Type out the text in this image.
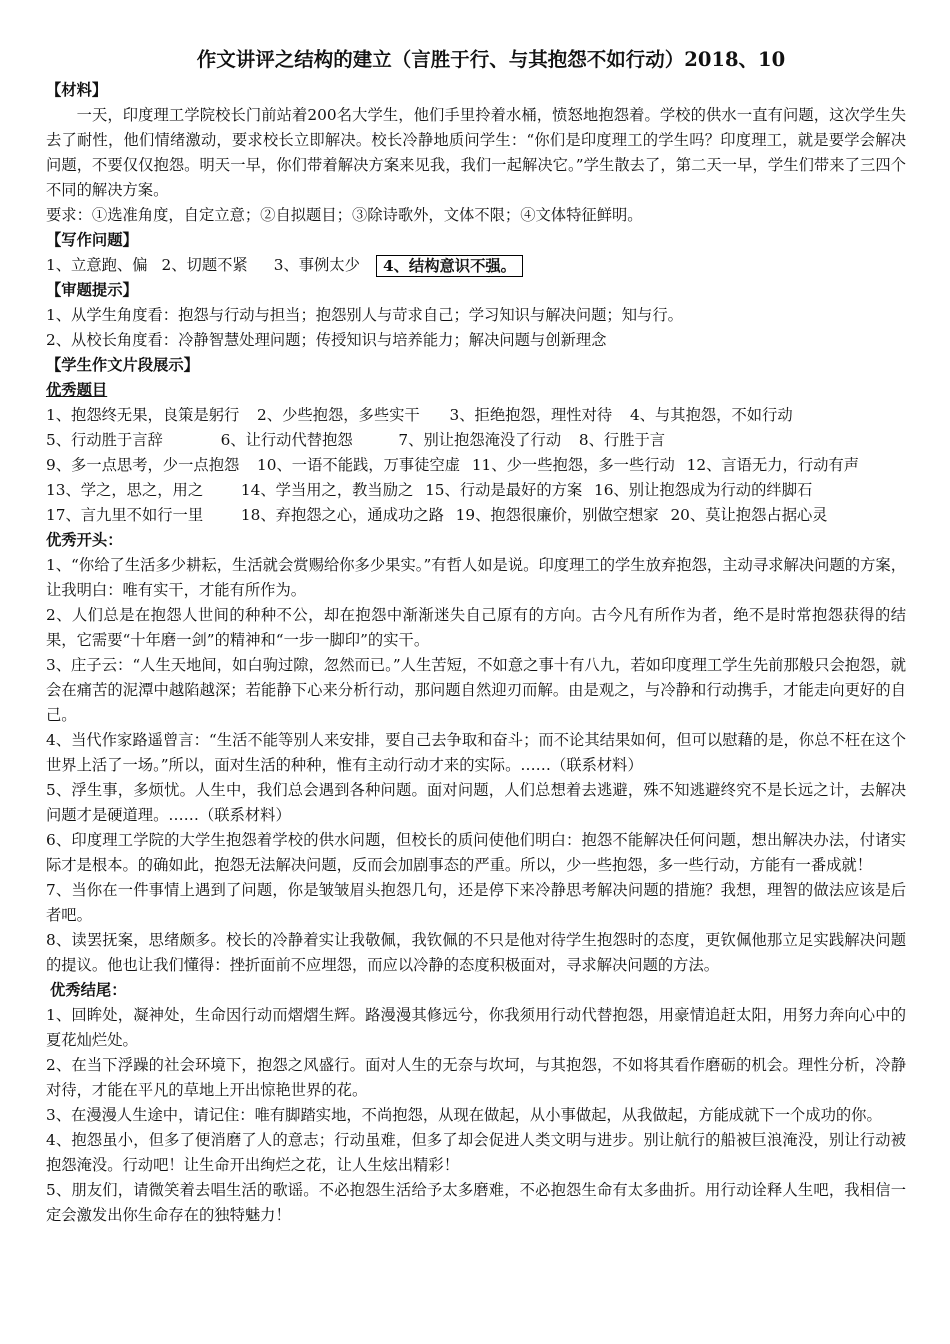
作文讲评之结构的建立（言胜于行、与其抱怨不如行动）2018、10
【材料】
一天，印度理工学院校长门前站着200名大学生，他们手里拎着水桶，愤怒地抱怨着。学校的供水一直有问题，这次学生失去了耐性，他们情绪激动，要求校长立即解决。校长冷静地质问学生：“你们是印度理工的学生吗？印度理工，就是要学会解决问题，不要仅仅抱怨。明天一早，你们带着解决方案来见我，我们一起解决它。”学生散去了，第二天一早，学生们带来了三四个不同的解决方案。
要求：①选准角度，自定立意；②自拟题目；③除诗歌外，文体不限；④文体特征鲜明。
【写作问题】
1、立意跑、偏 2、切题不紧 3、事例太少	4、结构意识不强。
【审题提示】
1、从学生角度看：抱怨与行动与担当；抱怨别人与苛求自己；学习知识与解决问题；知与行。
2、从校长角度看：冷静智慧处理问题；传授知识与培养能力；解决问题与创新理念
【学生作文片段展示】
优秀题目
1、抱怨终无果，良策是躬行 2、少些抱怨，多些实干 3、拒绝抱怨，理性对待 4、与其抱怨，不如行动
5、行动胜于言辞	6、让行动代替抱怨	7、别让抱怨淹没了行动 8、行胜于言
9、多一点思考，少一点抱怨 10、一语不能践，万事徒空虚 11、少一些抱怨，多一些行动 12、言语无力，行动有声
13、学之，思之，用之 14、学当用之，教当励之 15、行动是最好的方案 16、别让抱怨成为行动的绊脚石
17、言九里不如行一里 18、弃抱怨之心，通成功之路 19、抱怨很廉价，别做空想家 20、莫让抱怨占据心灵
优秀开头：
1、“你给了生活多少耕耘，生活就会赏赐给你多少果实。”有哲人如是说。印度理工的学生放弃抱怨，主动寻求解决问题的方案，让我明白：唯有实干，才能有所作为。
2、人们总是在抱怨人世间的种种不公，却在抱怨中渐渐迷失自己原有的方向。古今凡有所作为者，绝不是时常抱怨获得的结果，它需要“十年磨一剑”的精神和“一步一脚印”的实干。
3、庄子云：“人生天地间，如白驹过隙，忽然而已。”人生苦短，不如意之事十有八九，若如印度理工学生先前那般只会抱怨，就会在痛苦的泥潭中越陷越深；若能静下心来分析行动，那问题自然迎刃而解。由是观之，与冷静和行动携手，才能走向更好的自己。
4、当代作家路遥曾言：“生活不能等别人来安排，要自己去争取和奋斗；而不论其结果如何，但可以慰藉的是，你总不枉在这个世界上活了一场。”所以，面对生活的种种，惟有主动行动才来的实际。……（联系材料）
5、浮生事，多烦忧。人生中，我们总会遇到各种问题。面对问题，人们总想着去逃避，殊不知逃避终究不是长远之计，去解决问题才是硬道理。……（联系材料）
6、印度理工学院的大学生抱怨着学校的供水问题，但校长的质问使他们明白：抱怨不能解决任何问题，想出解决办法，付诸实际才是根本。的确如此，抱怨无法解决问题，反而会加剧事态的严重。所以，少一些抱怨，多一些行动，方能有一番成就！
7、当你在一件事情上遇到了问题，你是皱皱眉头抱怨几句，还是停下来冷静思考解决问题的措施？我想，理智的做法应该是后者吧。
8、读罢抚案，思绪颇多。校长的冷静着实让我敬佩，我钦佩的不只是他对待学生抱怨时的态度，更钦佩他那立足实践解决问题的提议。他也让我们懂得：挫折面前不应埋怨，而应以冷静的态度积极面对，寻求解决问题的方法。
优秀结尾：
1、回眸处，凝神处，生命因行动而熠熠生辉。路漫漫其修远兮，你我须用行动代替抱怨，用豪情追赶太阳，用努力奔向心中的夏花灿烂处。
2、在当下浮躁的社会环境下，抱怨之风盛行。面对人生的无奈与坎坷，与其抱怨，不如将其看作磨砺的机会。理性分析，冷静对待，才能在平凡的草地上开出惊艳世界的花。
3、在漫漫人生途中，请记住：唯有脚踏实地，不尚抱怨，从现在做起，从小事做起，从我做起，方能成就下一个成功的你。
4、抱怨虽小，但多了便消磨了人的意志；行动虽难，但多了却会促进人类文明与进步。别让航行的船被巨浪淹没，别让行动被抱怨淹没。行动吧！让生命开出绚烂之花，让人生炫出精彩！
5、朋友们，请微笑着去唱生活的歌谣。不必抱怨生活给予太多磨难，不必抱怨生命有太多曲折。用行动诠释人生吧，我相信一定会激发出你生命存在的独特魅力！
